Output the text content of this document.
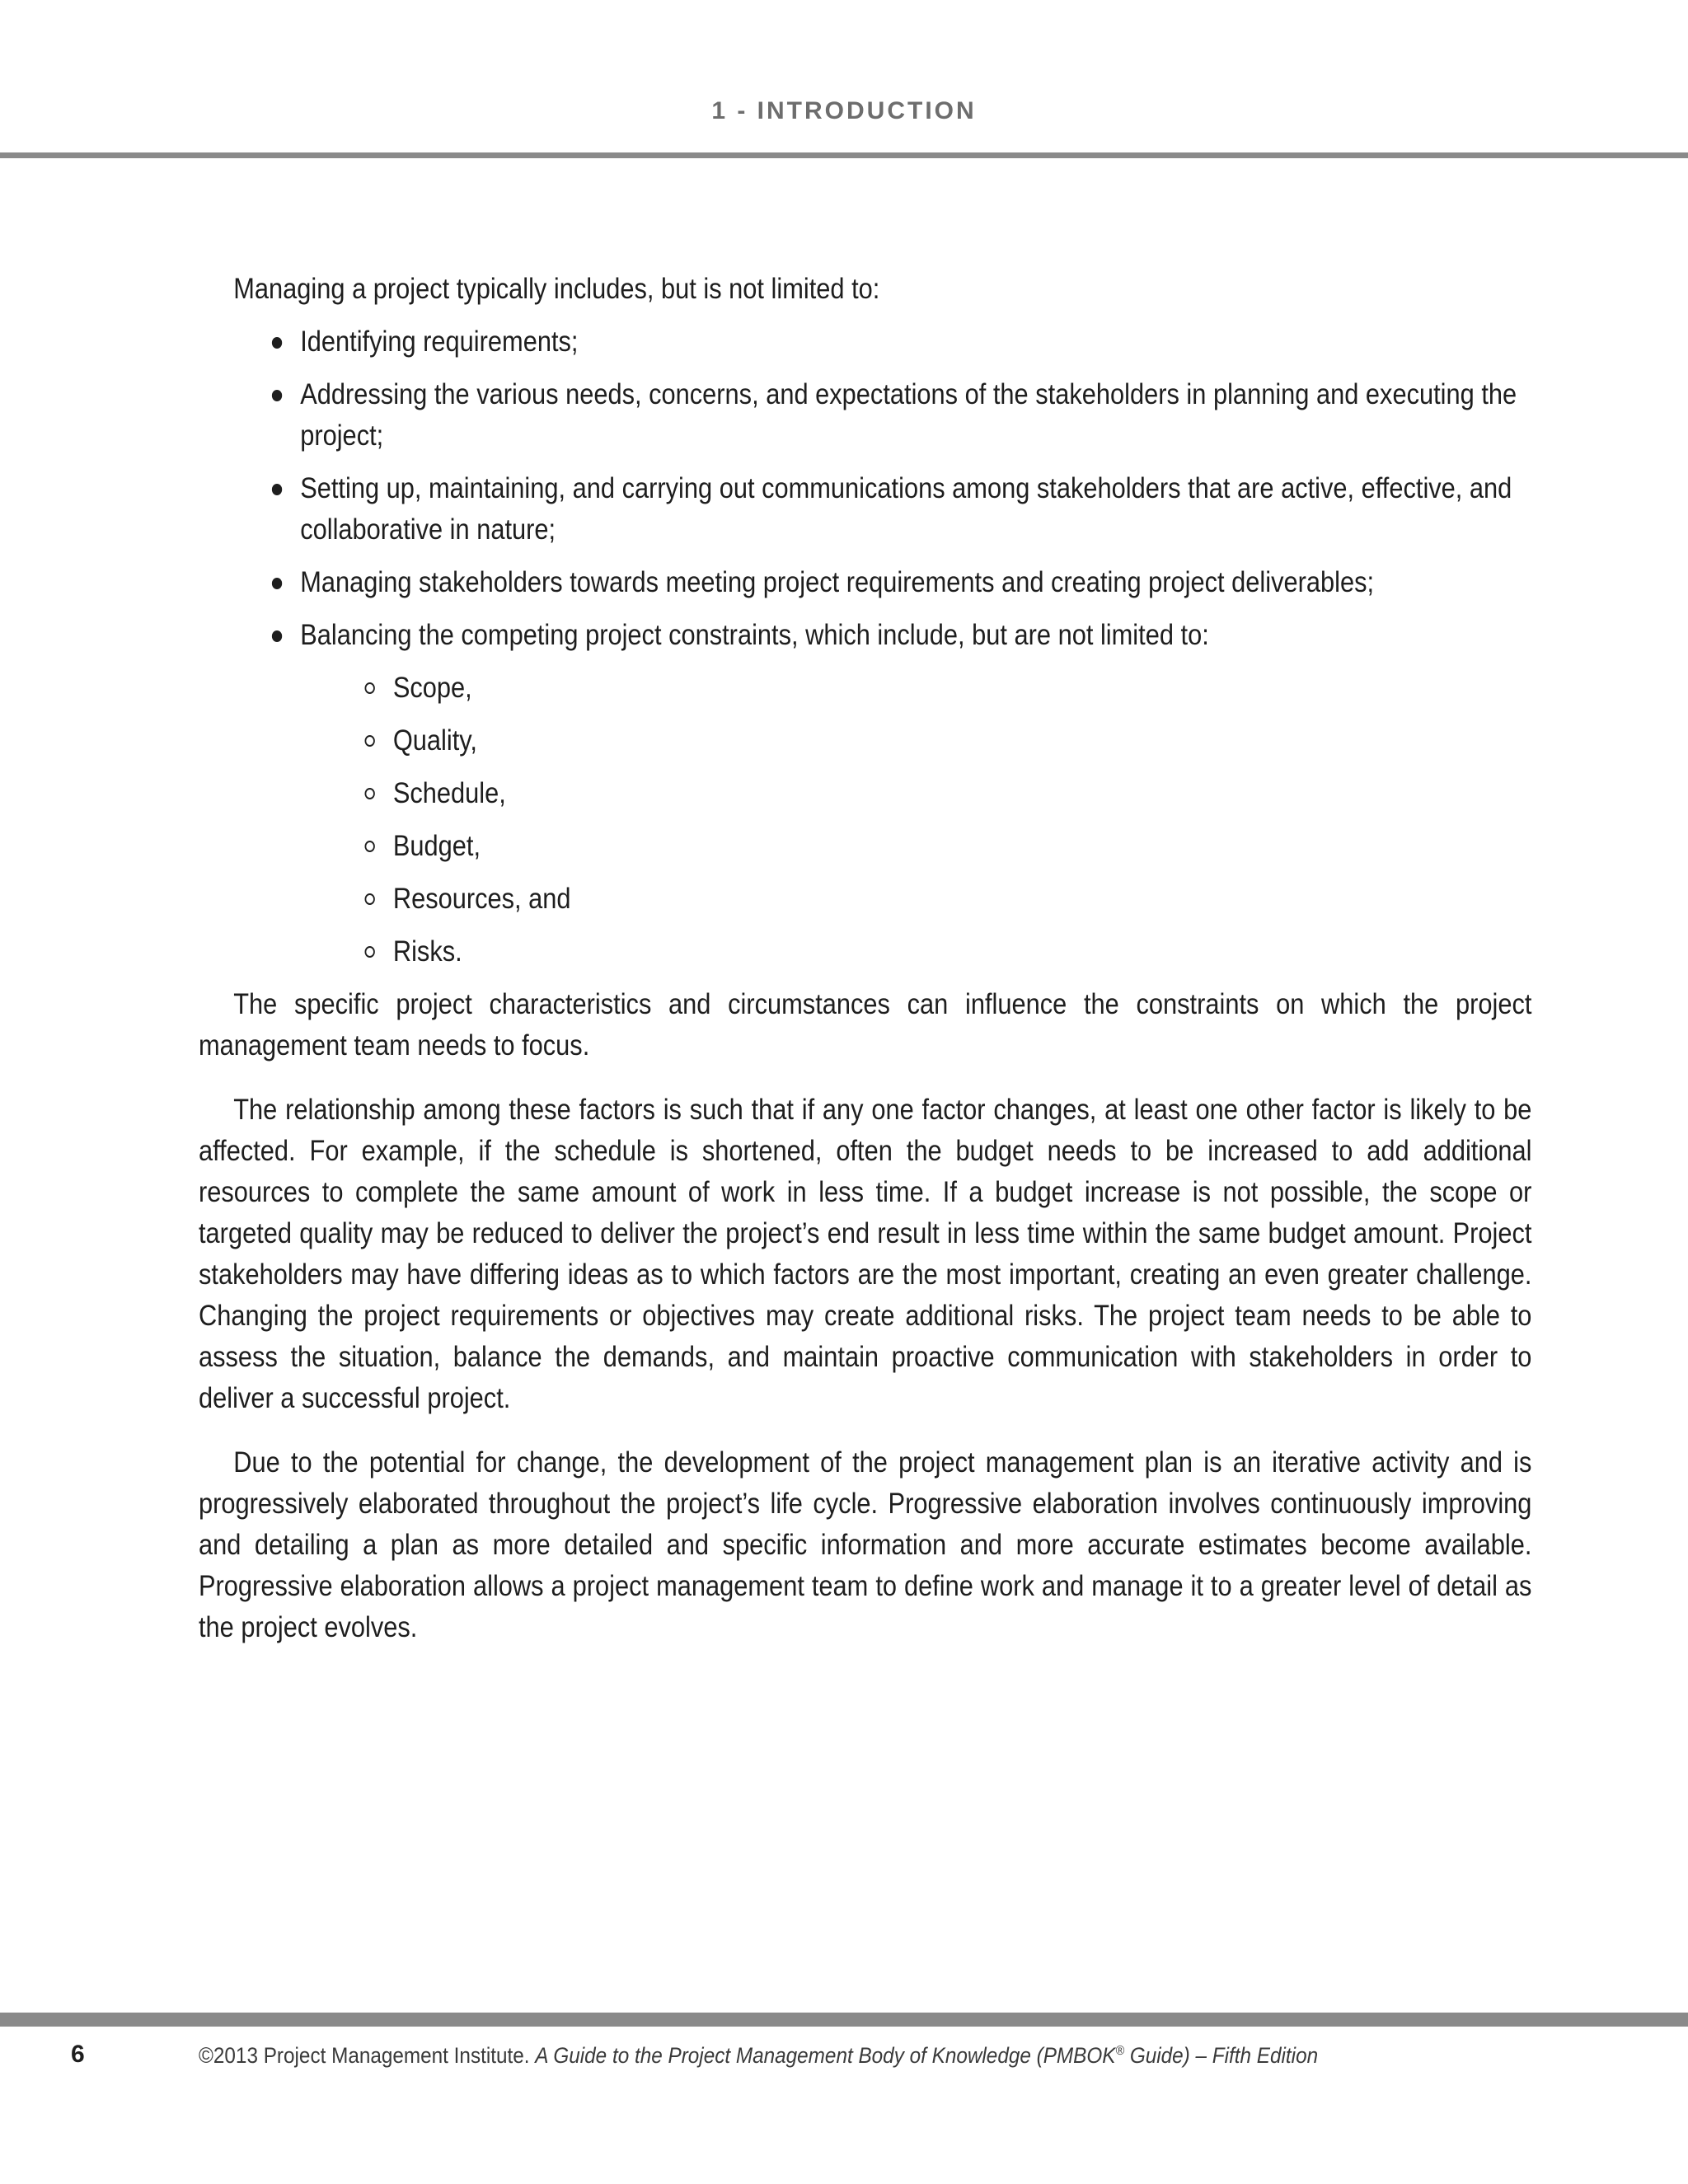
1 - INTRODUCTION

Managing a project typically includes, but is not limited to:

Identifying requirements;
Addressing the various needs, concerns, and expectations of the stakeholders in planning and executing the project;
Setting up, maintaining, and carrying out communications among stakeholders that are active, effective, and collaborative in nature;
Managing stakeholders towards meeting project requirements and creating project deliverables;
Balancing the competing project constraints, which include, but are not limited to:
Scope,
Quality,
Schedule,
Budget,
Resources, and
Risks.

The specific project characteristics and circumstances can influence the constraints on which the project management team needs to focus.

The relationship among these factors is such that if any one factor changes, at least one other factor is likely to be affected. For example, if the schedule is shortened, often the budget needs to be increased to add additional resources to complete the same amount of work in less time. If a budget increase is not possible, the scope or targeted quality may be reduced to deliver the project’s end result in less time within the same budget amount. Project stakeholders may have differing ideas as to which factors are the most important, creating an even greater challenge. Changing the project requirements or objectives may create additional risks. The project team needs to be able to assess the situation, balance the demands, and maintain proactive communication with stakeholders in order to deliver a successful project.

Due to the potential for change, the development of the project management plan is an iterative activity and is progressively elaborated throughout the project’s life cycle. Progressive elaboration involves continuously improving and detailing a plan as more detailed and specific information and more accurate estimates become available. Progressive elaboration allows a project management team to define work and manage it to a greater level of detail as the project evolves.

6	©2013 Project Management Institute. A Guide to the Project Management Body of Knowledge (PMBOK® Guide) – Fifth Edition
